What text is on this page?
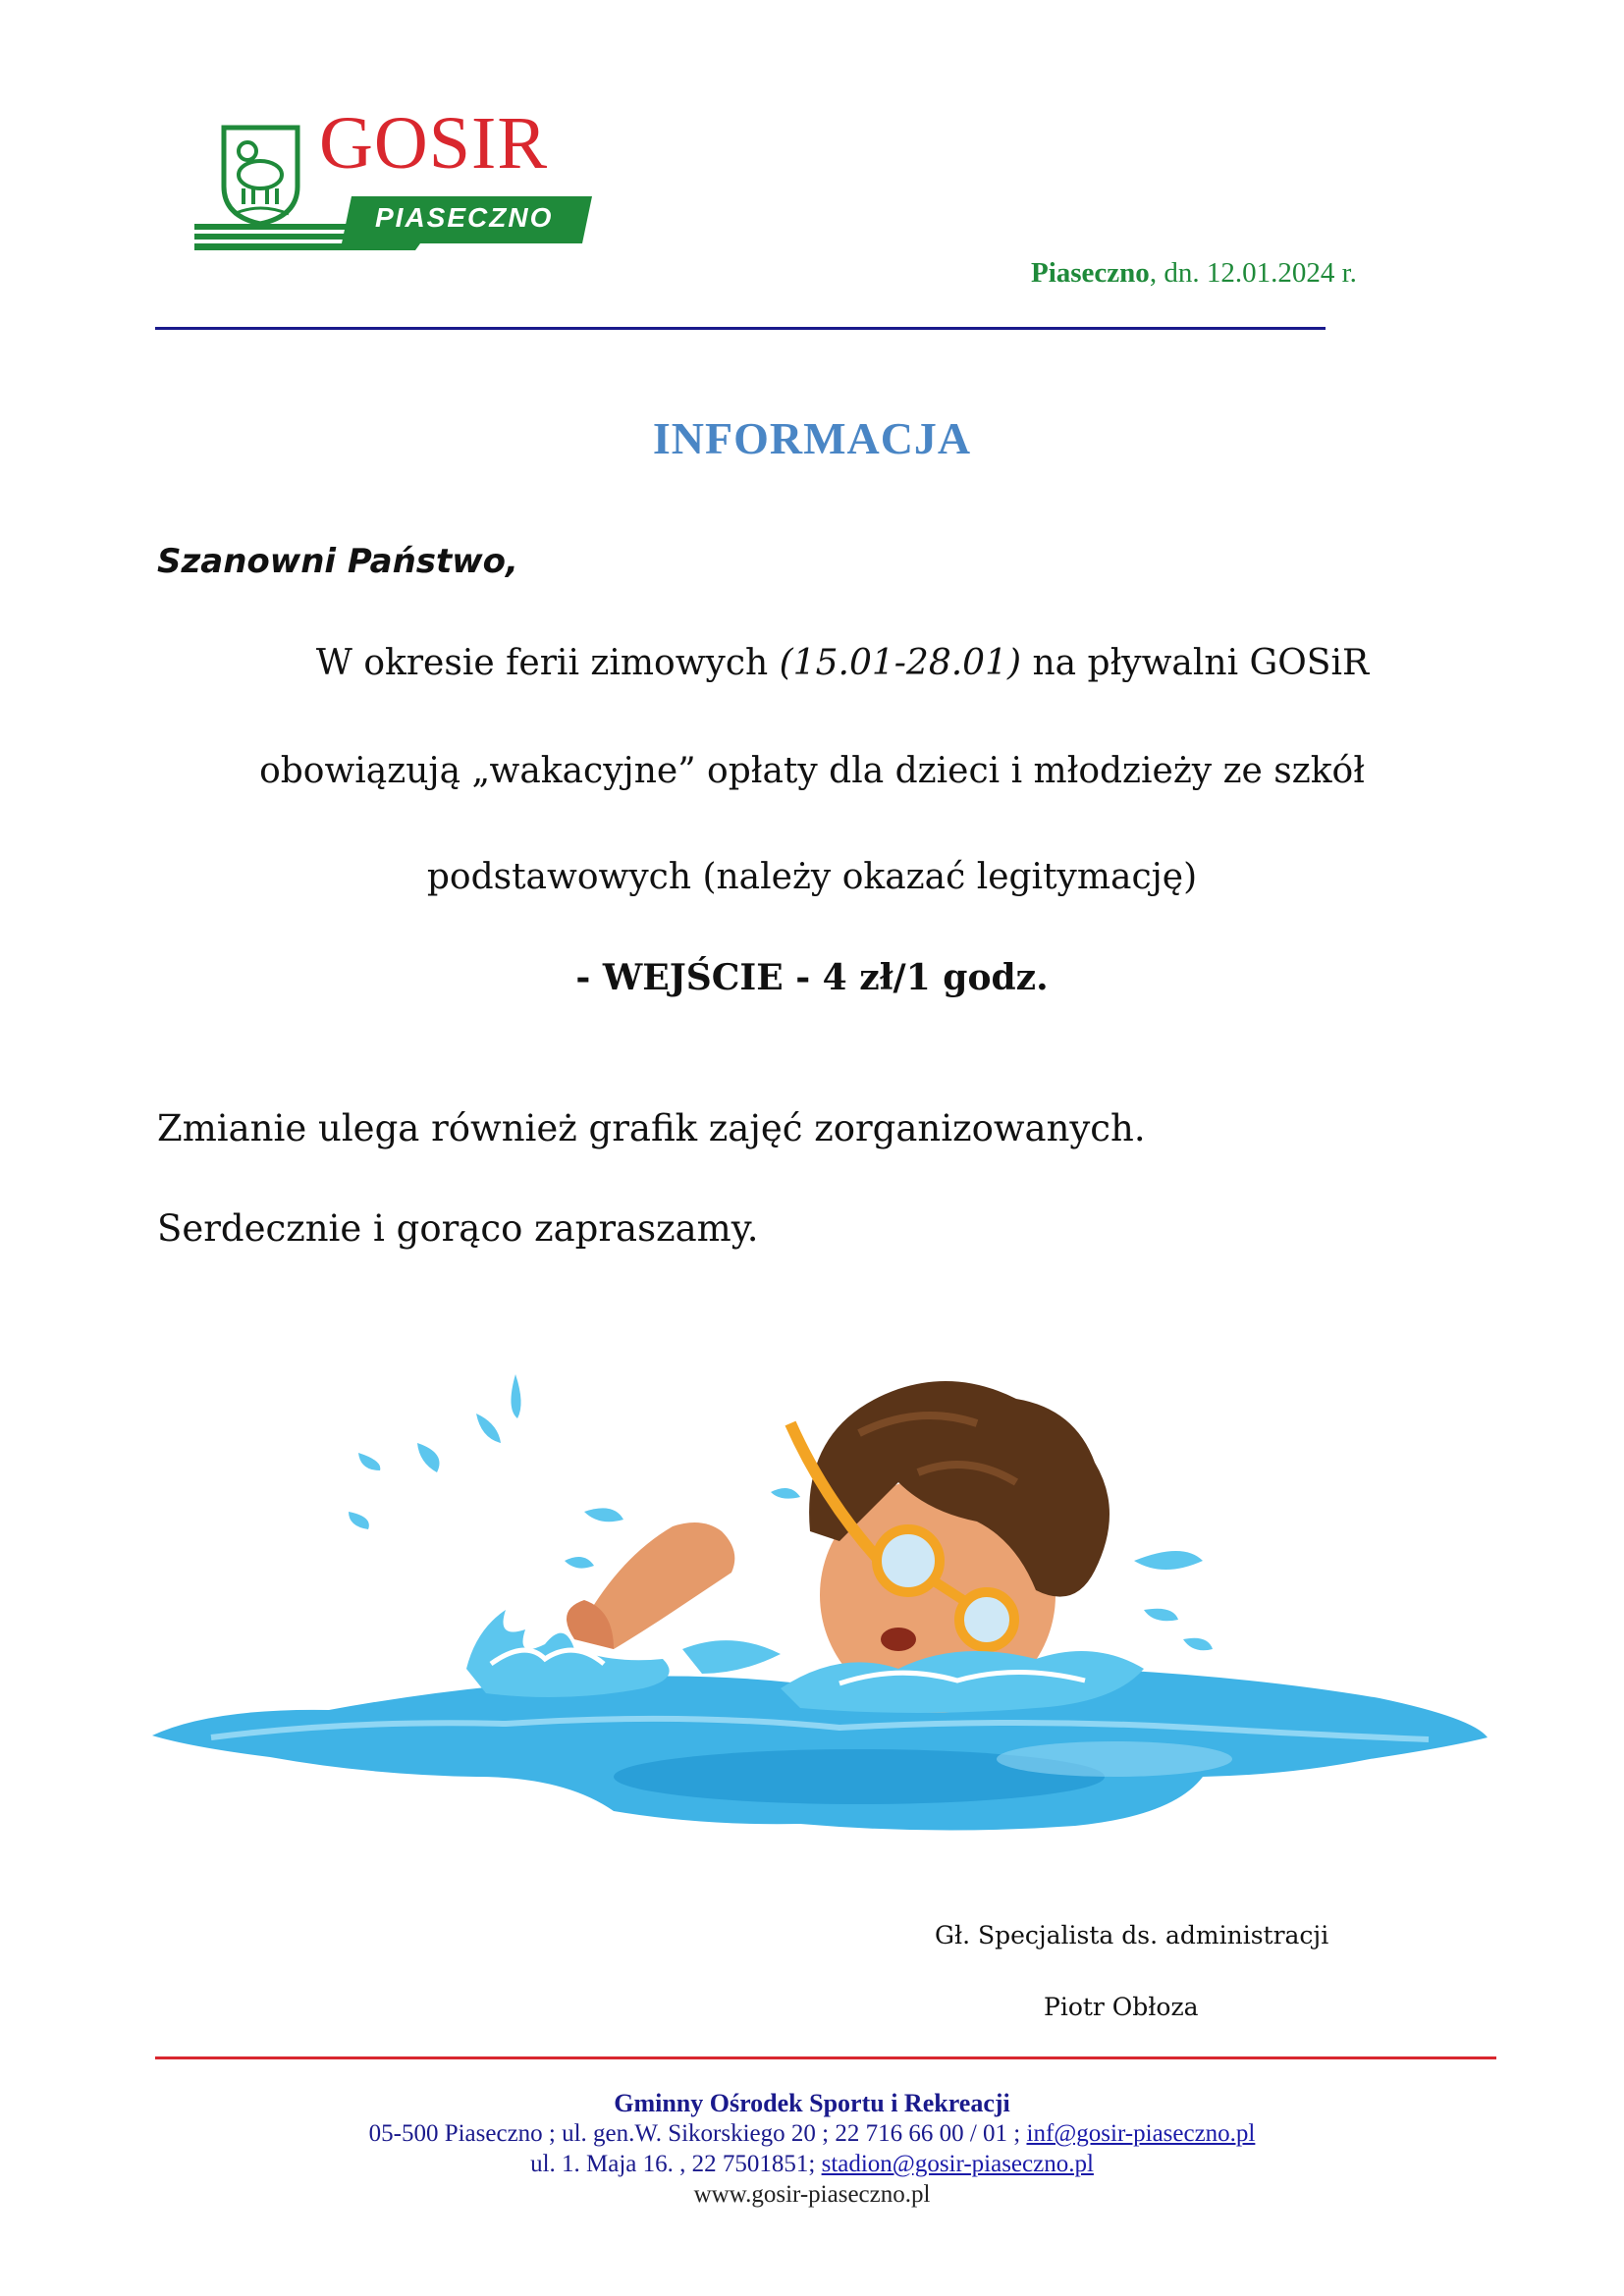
GOSIR
PIASECZNO
Piaseczno, dn. 12.01.2024 r.
INFORMACJA
Szanowni Państwo,
W okresie ferii zimowych (15.01-28.01) na pływalni GOSiR
obowiązują „wakacyjne” opłaty dla dzieci i młodzieży ze szkół
podstawowych (należy okazać legitymację)
- WEJŚCIE - 4 zł/1 godz.
Zmianie ulega również grafik zajęć zorganizowanych.
Serdecznie i gorąco zapraszamy.
Gł. Specjalista ds. administracji
Piotr Obłoza
Gminny Ośrodek Sportu i Rekreacji
05-500 Piaseczno ; ul. gen.W. Sikorskiego 20 ; 22 716 66 00 / 01 ; inf@gosir-piaseczno.pl
ul. 1. Maja 16. , 22 7501851; stadion@gosir-piaseczno.pl
www.gosir-piaseczno.pl
